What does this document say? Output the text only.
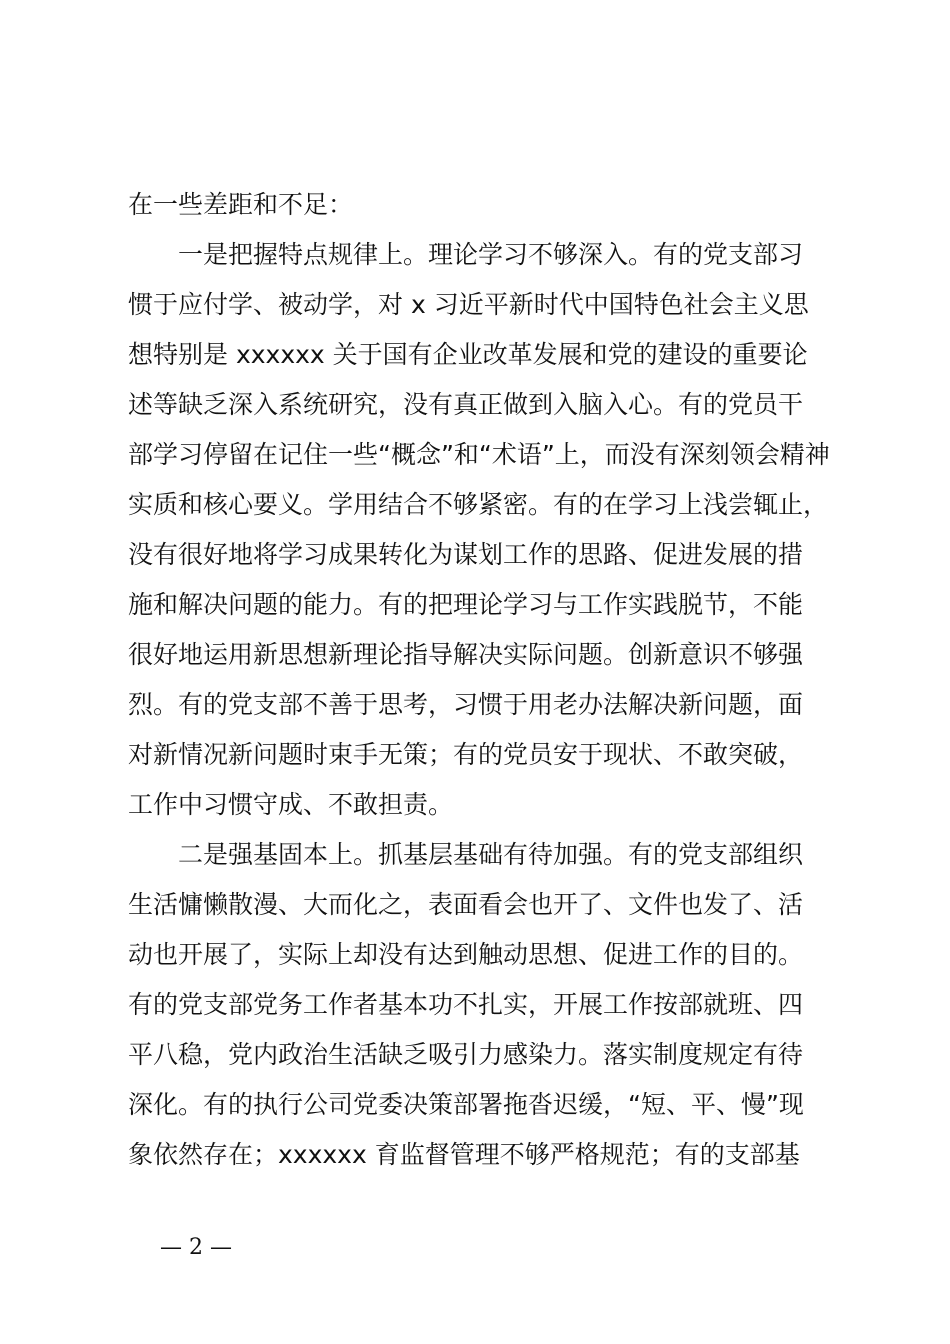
在一些差距和不足：
一是把握特点规律上。理论学习不够深入。有的党支部习
惯于应付学、被动学，对 x 习近平新时代中国特色社会主义思
想特别是 xxxxxx 关于国有企业改革发展和党的建设的重要论
述等缺乏深入系统研究，没有真正做到入脑入心。有的党员干
部学习停留在记住一些“概念”和“术语”上，而没有深刻领会精神
实质和核心要义。学用结合不够紧密。有的在学习上浅尝辄止，
没有很好地将学习成果转化为谋划工作的思路、促进发展的措
施和解决问题的能力。有的把理论学习与工作实践脱节，不能
很好地运用新思想新理论指导解决实际问题。创新意识不够强
烈。有的党支部不善于思考，习惯于用老办法解决新问题，面
对新情况新问题时束手无策；有的党员安于现状、不敢突破，
工作中习惯守成、不敢担责。
二是强基固本上。抓基层基础有待加强。有的党支部组织
生活慵懒散漫、大而化之，表面看会也开了、文件也发了、活
动也开展了，实际上却没有达到触动思想、促进工作的目的。
有的党支部党务工作者基本功不扎实，开展工作按部就班、四
平八稳，党内政治生活缺乏吸引力感染力。落实制度规定有待
深化。有的执行公司党委决策部署拖沓迟缓，“短、平、慢”现
象依然存在；xxxxxx 育监督管理不够严格规范；有的支部基
— 2 —
